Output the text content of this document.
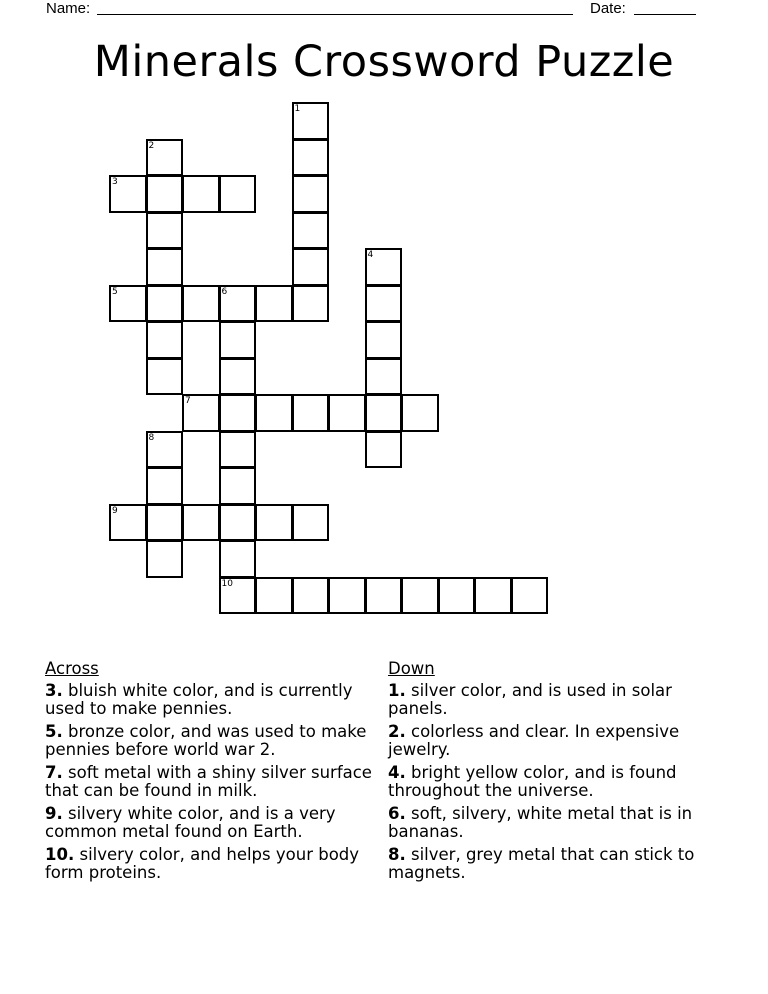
Name:	Date:
Minerals Crossword Puzzle
1
2
3
4
5	6
10
7
8
9
Across
3. bluish white color, and is currently used to make pennies.
5. bronze color, and was used to make pennies before world war 2.
7. soft metal with a shiny silver surface that can be found in milk.
9. silvery white color, and is a very common metal found on Earth.
10. silvery color, and helps your body form proteins.
Down
1. silver color, and is used in solar panels.
2. colorless and clear. In expensive jewelry.
4. bright yellow color, and is found throughout the universe.
6. soft, silvery, white metal that is in bananas.
8. silver, grey metal that can stick to magnets.
